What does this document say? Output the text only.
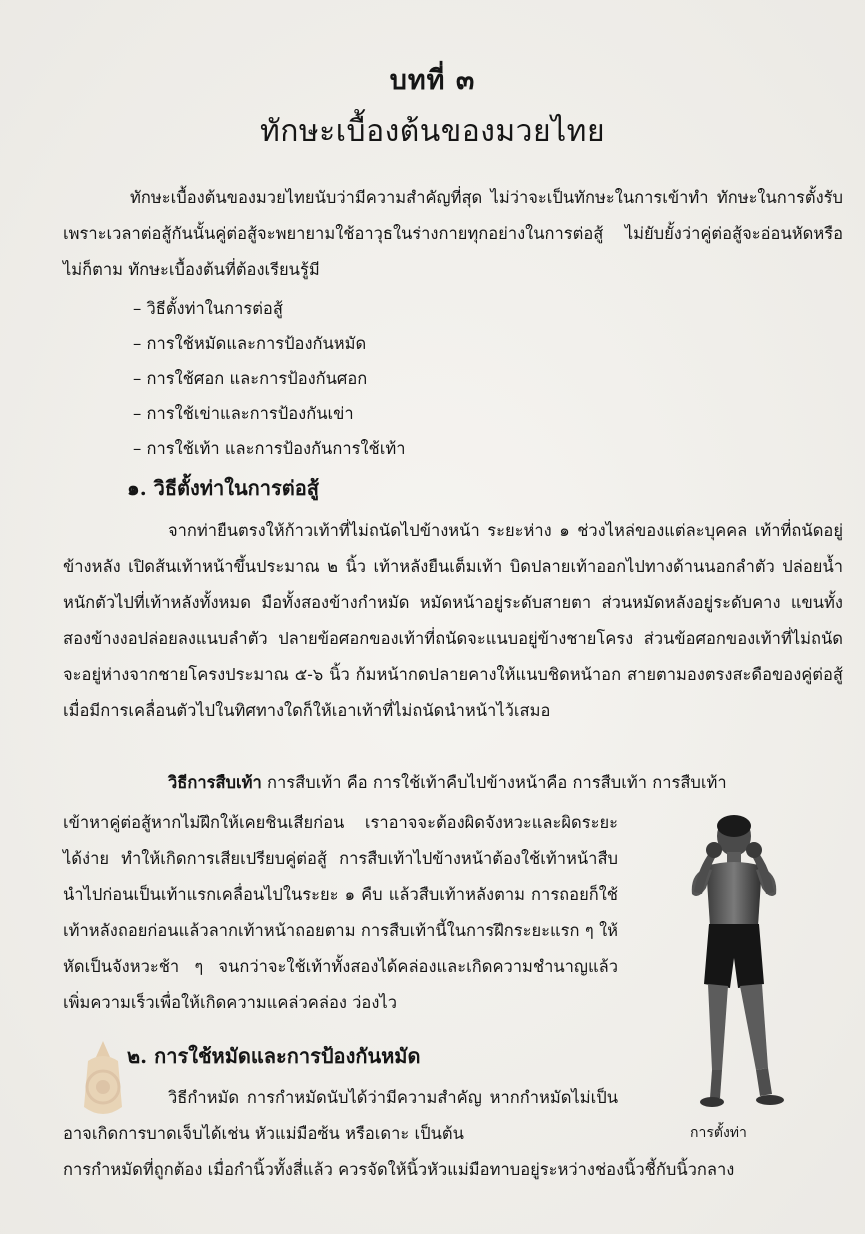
บทที่ ๓
ทักษะเบื้องต้นของมวยไทย

ทักษะเบื้องต้นของมวยไทยนับว่ามีความสำคัญที่สุด ไม่ว่าจะเป็นทักษะในการเข้าทำ ทักษะในการตั้งรับ เพราะเวลาต่อสู้กันนั้นคู่ต่อสู้จะพยายามใช้อาวุธในร่างกายทุกอย่างในการต่อสู้ ไม่ยับยั้งว่าคู่ต่อสู้จะอ่อนหัดหรือไม่ก็ตาม ทักษะเบื้องต้นที่ต้องเรียนรู้มี

– วิธีตั้งท่าในการต่อสู้
– การใช้หมัดและการป้องกันหมัด
– การใช้ศอก และการป้องกันศอก
– การใช้เข่าและการป้องกันเข่า
– การใช้เท้า และการป้องกันการใช้เท้า
๑. วิธีตั้งท่าในการต่อสู้

จากท่ายืนตรงให้ก้าวเท้าที่ไม่ถนัดไปข้างหน้า ระยะห่าง ๑ ช่วงไหล่ของแต่ละบุคคล เท้าที่ถนัดอยู่ข้างหลัง เปิดส้นเท้าหน้าขึ้นประมาณ ๒ นิ้ว เท้าหลังยืนเต็มเท้า บิดปลายเท้าออกไปทางด้านนอกลำตัว ปล่อยน้ำหนักตัวไปที่เท้าหลังทั้งหมด มือทั้งสองข้างกำหมัด หมัดหน้าอยู่ระดับสายตา ส่วนหมัดหลังอยู่ระดับคาง แขนทั้งสองข้างงอปล่อยลงแนบลำตัว ปลายข้อศอกของเท้าที่ถนัดจะแนบอยู่ข้างชายโครง ส่วนข้อศอกของเท้าที่ไม่ถนัดจะอยู่ห่างจากชายโครงประมาณ ๕-๖ นิ้ว ก้มหน้ากดปลายคางให้แนบชิดหน้าอก สายตามองตรงสะดือของคู่ต่อสู้ เมื่อมีการเคลื่อนตัวไปในทิศทางใดก็ให้เอาเท้าที่ไม่ถนัดนำหน้าไว้เสมอ

วิธีการสืบเท้า การสืบเท้า คือ การใช้เท้าคืบไปข้างหน้าคือ การสืบเท้า การสืบเท้า

เข้าหาคู่ต่อสู้หากไม่ฝึกให้เคยชินเสียก่อน เราอาจจะต้องผิดจังหวะและผิดระยะได้ง่าย ทำให้เกิดการเสียเปรียบคู่ต่อสู้ การสืบเท้าไปข้างหน้าต้องใช้เท้าหน้าสืบนำไปก่อนเป็นเท้าแรกเคลื่อนไปในระยะ ๑ คืบ แล้วสืบเท้าหลังตาม การถอยก็ใช้เท้าหลังถอยก่อนแล้วลากเท้าหน้าถอยตาม การสืบเท้านี้ในการฝึกระยะแรก ๆ ให้หัดเป็นจังหวะช้า ๆ จนกว่าจะใช้เท้าทั้งสองได้คล่องและเกิดความชำนาญแล้วเพิ่มความเร็วเพื่อให้เกิดความแคล่วคล่อง ว่องไว

การตั้งท่า
๒. การใช้หมัดและการป้องกันหมัด

วิธีกำหมัด การกำหมัดนับได้ว่ามีความสำคัญ หากกำหมัดไม่เป็น อาจเกิดการบาดเจ็บได้เช่น หัวแม่มือซ้น หรือเดาะ เป็นต้น

การกำหมัดที่ถูกต้อง เมื่อกำนิ้วทั้งสี่แล้ว ควรจัดให้นิ้วหัวแม่มือทาบอยู่ระหว่างช่องนิ้วชี้กับนิ้วกลาง
